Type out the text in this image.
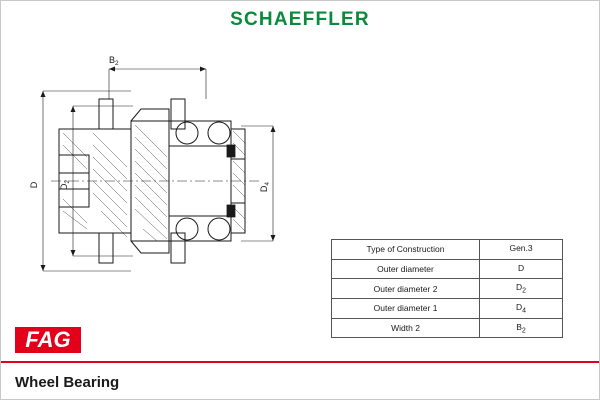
SCHAEFFLER
$B_2$
D $D_2$
$D_4$
Type of Construction	Gen.3
Outer diameter	D
Outer diameter 2	$D_2$
Outer diameter 1	$D_4$
Width 2	$B_2$
FAG
Wheel Bearing
